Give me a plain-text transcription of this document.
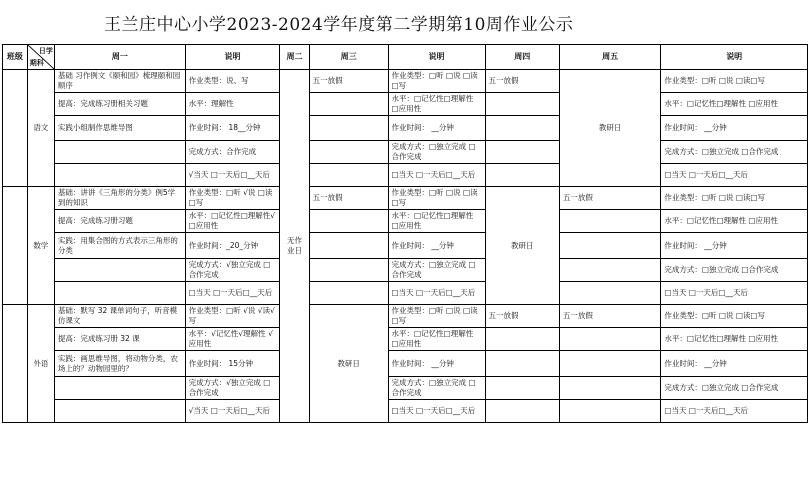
王兰庄中心小学2023-2024学年度第二学期第10周作业公示
班级	日学
期科	周一	说明	周二	周三	说明	周四	周五	说明
	语文	基础 习作例文《颐和园》梳理颐和园顺序	作业类型：说、写	无作业日	五一放假	作业类型：□听 □说 □读□写	五一放假	教研日	作业类型：□听 □说 □读□写
		提高：完成练习册相关习题	水平：理解性			水平：□记忆性□理解性 □应用性			水平：□记忆性□理解性 □应用性
		实践小组制作思维导图	作业时间： 18__分钟			作业时间： __分钟			作业时间： __分钟
			完成方式：合作完成			完成方式：□独立完成 □合作完成			完成方式：□独立完成 □合作完成
			√当天 □一天后□__天后			□当天 □一天后□__天后			□当天 □一天后□__天后
	数学	基础：讲讲《三角形的分类》例5学到的知识	作业类型：□听 √说 □读□写		五一放假	作业类型：□听 □说 □读□写	教研日	五一放假	作业类型：□听 □说 □读□写
		提高：完成练习册习题	水平：□记忆性□理解性√ □应用性			水平：□记忆性□理解性 □应用性			水平：□记忆性□理解性 □应用性
		实践：用集合图的方式表示三角形的分类	作业时间：_20_分钟			作业时间： __分钟			作业时间： __分钟
			完成方式：√独立完成 □合作完成			完成方式：□独立完成 □合作完成			完成方式：□独立完成 □合作完成
			□当天 □一天后□__天后			□当天 □一天后□__天后			□当天 □一天后□__天后
	外语	基础：默写 32 课单词句子，听音模仿课文	作业类型：□听 √说 √读√写		教研日	作业类型：□听 □说 □读□写	五一放假	五一放假	作业类型：□听 □说 □读□写
		提高：完成练习册 32 课	水平：√记忆性√理解性 √应用性			水平：□记忆性□理解性 □应用性			水平：□记忆性□理解性 □应用性
		实践：画思维导图，将动物分类，农场上的？动物园里的？	作业时间： 15分钟			作业时间： __分钟			作业时间： __分钟
			完成方式：√独立完成 □合作完成			完成方式：□独立完成 □合作完成			完成方式：□独立完成 □合作完成
			√当天 □一天后□__天后			□当天 □一天后□__天后			□当天 □一天后□__天后
